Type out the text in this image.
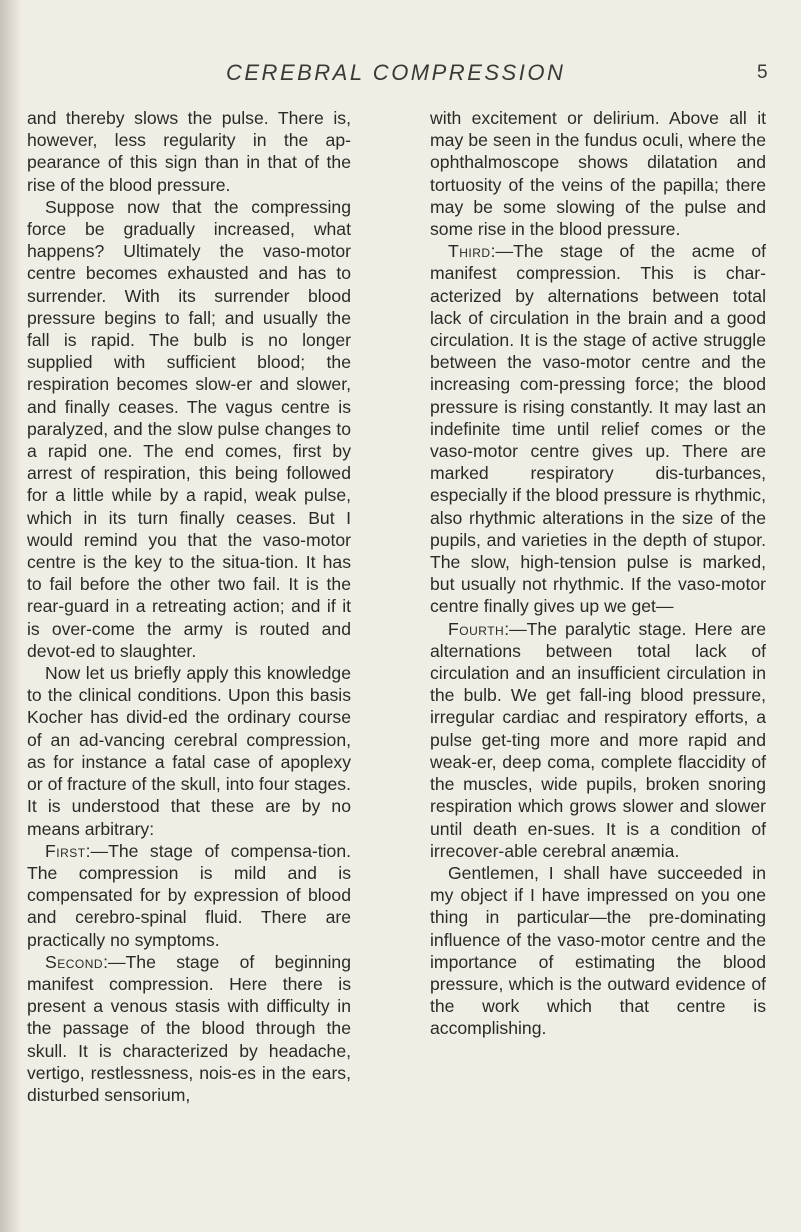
CEREBRAL COMPRESSION	5

and thereby slows the pulse. There is, however, less regularity in the ap-pearance of this sign than in that of the rise of the blood pressure.

Suppose now that the compressing force be gradually increased, what happens? Ultimately the vaso-motor centre becomes exhausted and has to surrender. With its surrender blood pressure begins to fall; and usually the fall is rapid. The bulb is no longer supplied with sufficient blood; the respiration becomes slow-er and slower, and finally ceases. The vagus centre is paralyzed, and the slow pulse changes to a rapid one. The end comes, first by arrest of respiration, this being followed for a little while by a rapid, weak pulse, which in its turn finally ceases. But I would remind you that the vaso-motor centre is the key to the situa-tion. It has to fail before the other two fail. It is the rear-guard in a retreating action; and if it is over-come the army is routed and devot-ed to slaughter.

Now let us briefly apply this knowledge to the clinical conditions. Upon this basis Kocher has divid-ed the ordinary course of an ad-vancing cerebral compression, as for instance a fatal case of apoplexy or of fracture of the skull, into four stages. It is understood that these are by no means arbitrary:

First:—The stage of compensa-tion. The compression is mild and is compensated for by expression of blood and cerebro-spinal fluid. There are practically no symptoms.

Second:—The stage of beginning manifest compression. Here there is present a venous stasis with difficulty in the passage of the blood through the skull. It is characterized by headache, vertigo, restlessness, nois-es in the ears, disturbed sensorium,

with excitement or delirium. Above all it may be seen in the fundus oculi, where the ophthalmoscope shows dilatation and tortuosity of the veins of the papilla; there may be some slowing of the pulse and some rise in the blood pressure.

Third:—The stage of the acme of manifest compression. This is char-acterized by alternations between total lack of circulation in the brain and a good circulation. It is the stage of active struggle between the vaso-motor centre and the increasing com-pressing force; the blood pressure is rising constantly. It may last an indefinite time until relief comes or the vaso-motor centre gives up. There are marked respiratory dis-turbances, especially if the blood pressure is rhythmic, also rhythmic alterations in the size of the pupils, and varieties in the depth of stupor. The slow, high-tension pulse is marked, but usually not rhythmic. If the vaso-motor centre finally gives up we get—

Fourth:—The paralytic stage. Here are alternations between total lack of circulation and an insufficient circulation in the bulb. We get fall-ing blood pressure, irregular cardiac and respiratory efforts, a pulse get-ting more and more rapid and weak-er, deep coma, complete flaccidity of the muscles, wide pupils, broken snoring respiration which grows slower and slower until death en-sues. It is a condition of irrecover-able cerebral anæmia.

Gentlemen, I shall have succeeded in my object if I have impressed on you one thing in particular—the pre-dominating influence of the vaso-motor centre and the importance of estimating the blood pressure, which is the outward evidence of the work which that centre is accomplishing.
